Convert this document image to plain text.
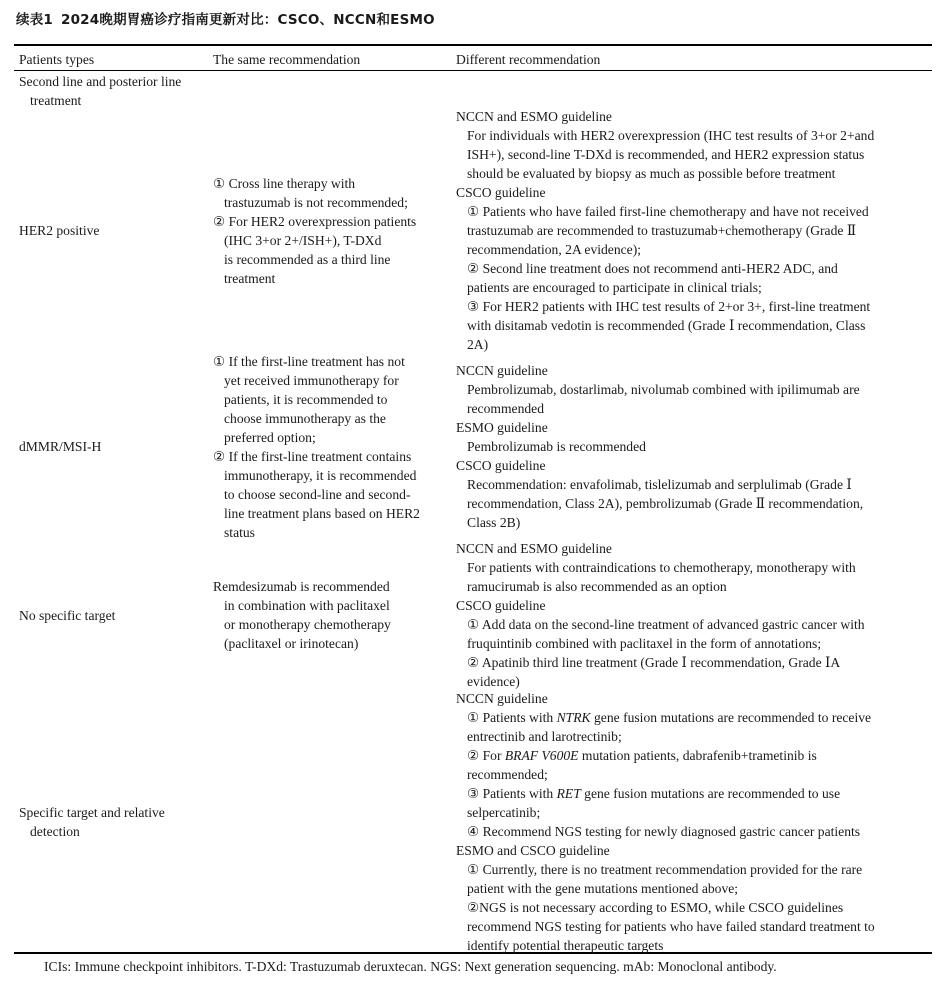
续表1 2024晚期胃癌诊疗指南更新对比：CSCO、NCCN和ESMO
Patients types	The same recommendation	Different recommendation
Second line and posterior line
treatment
HER2 positive
① Cross line therapy with
trastuzumab is not recommended;
② For HER2 overexpression patients
(IHC 3+or 2+/ISH+), T-DXd
is recommended as a third line
treatment
NCCN and ESMO guideline
For individuals with HER2 overexpression (IHC test results of 3+or 2+and
ISH+), second-line T-DXd is recommended, and HER2 expression status
should be evaluated by biopsy as much as possible before treatment
CSCO guideline
① Patients who have failed first-line chemotherapy and have not received
trastuzumab are recommended to trastuzumab+chemotherapy (Grade Ⅱ
recommendation, 2A evidence);
② Second line treatment does not recommend anti-HER2 ADC, and
patients are encouraged to participate in clinical trials;
③ For HER2 patients with IHC test results of 2+or 3+, first-line treatment
with disitamab vedotin is recommended (Grade Ⅰ recommendation, Class
2A)
dMMR/MSI-H
① If the first-line treatment has not
yet received immunotherapy for
patients, it is recommended to
choose immunotherapy as the
preferred option;
② If the first-line treatment contains
immunotherapy, it is recommended
to choose second-line and second-
line treatment plans based on HER2
status
NCCN guideline
Pembrolizumab, dostarlimab, nivolumab combined with ipilimumab are
recommended
ESMO guideline
Pembrolizumab is recommended
CSCO guideline
Recommendation: envafolimab, tislelizumab and serplulimab (Grade Ⅰ
recommendation, Class 2A), pembrolizumab (Grade Ⅱ recommendation,
Class 2B)
No specific target
Remdesizumab is recommended
in combination with paclitaxel
or monotherapy chemotherapy
(paclitaxel or irinotecan)
NCCN and ESMO guideline
For patients with contraindications to chemotherapy, monotherapy with
ramucirumab is also recommended as an option
CSCO guideline
① Add data on the second-line treatment of advanced gastric cancer with
fruquintinib combined with paclitaxel in the form of annotations;
② Apatinib third line treatment (Grade Ⅰ recommendation, Grade ⅠA
evidence)
Specific target and relative
detection
NCCN guideline
① Patients with NTRK gene fusion mutations are recommended to receive
entrectinib and larotrectinib;
② For BRAF V600E mutation patients, dabrafenib+trametinib is
recommended;
③ Patients with RET gene fusion mutations are recommended to use
selpercatinib;
④ Recommend NGS testing for newly diagnosed gastric cancer patients
ESMO and CSCO guideline
① Currently, there is no treatment recommendation provided for the rare
patient with the gene mutations mentioned above;
②NGS is not necessary according to ESMO, while CSCO guidelines
recommend NGS testing for patients who have failed standard treatment to
identify potential therapeutic targets
ICIs: Immune checkpoint inhibitors. T-DXd: Trastuzumab deruxtecan. NGS: Next generation sequencing. mAb: Monoclonal antibody.
